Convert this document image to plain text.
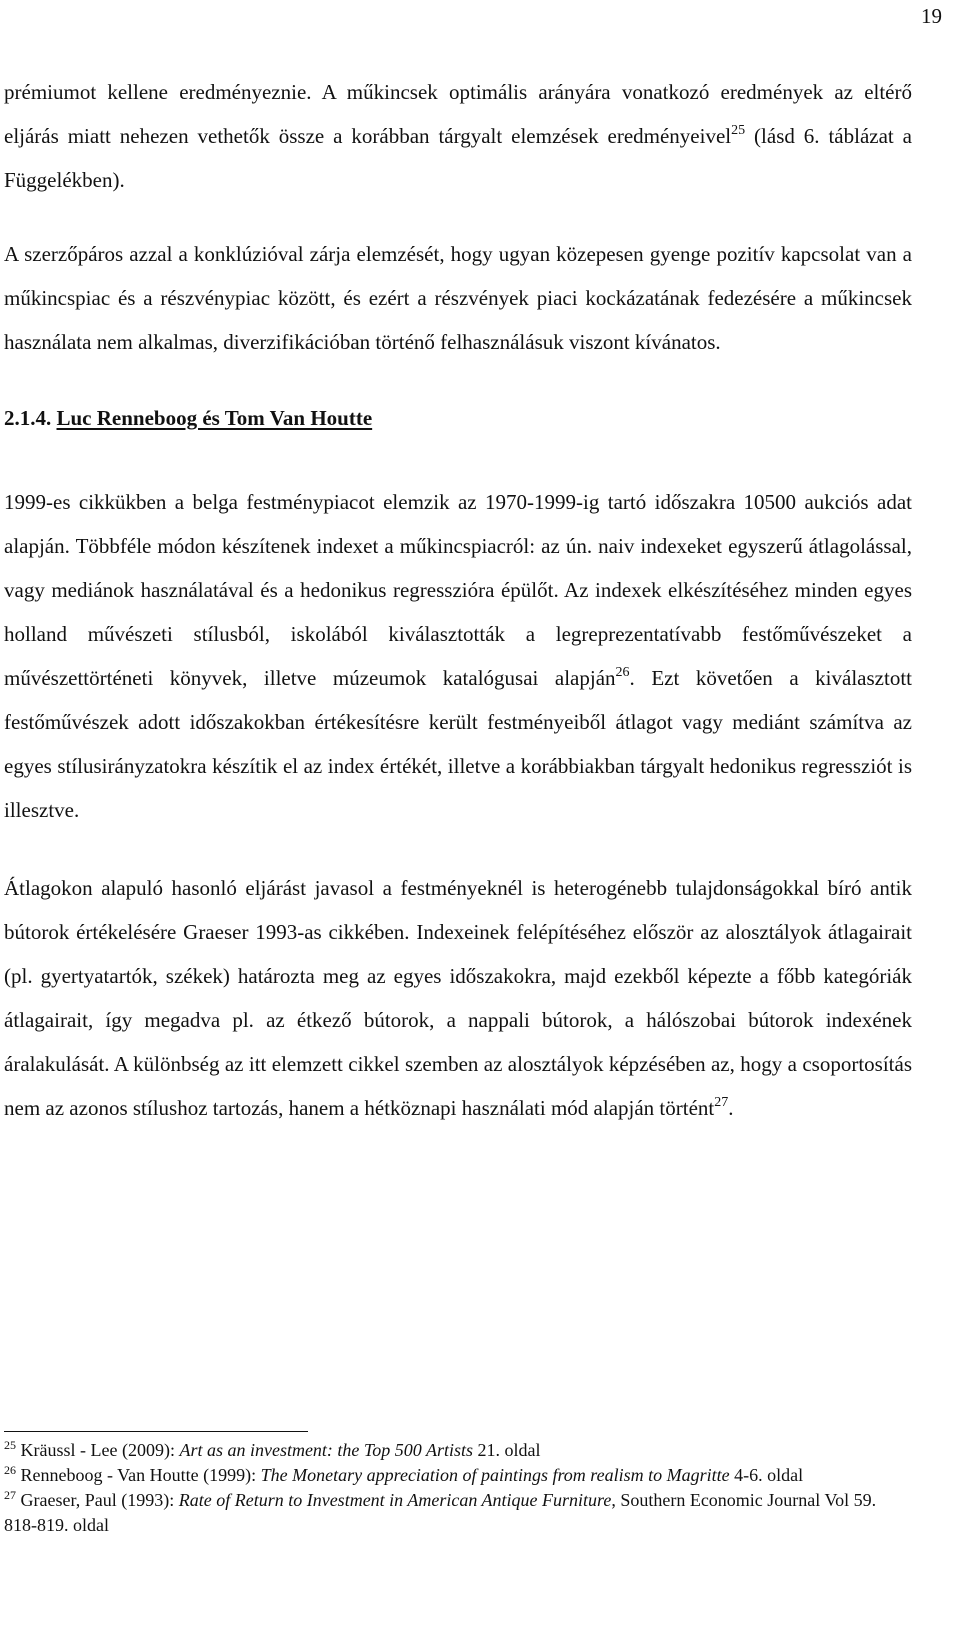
19

prémiumot kellene eredményeznie. A műkincsek optimális arányára vonatkozó eredmények az eltérő eljárás miatt nehezen vethetők össze a korábban tárgyalt elemzések eredményeivel$^{25}$ (lásd 6. táblázat a Függelékben).

A szerzőpáros azzal a konklúzióval zárja elemzését, hogy ugyan közepesen gyenge pozitív kapcsolat van a műkincspiac és a részvénypiac között, és ezért a részvények piaci kockázatának fedezésére a műkincsek használata nem alkalmas, diverzifikációban történő felhasználásuk viszont kívánatos.

2.1.4. Luc Renneboog és Tom Van Houtte

1999-es cikkükben a belga festménypiacot elemzik az 1970-1999-ig tartó időszakra 10500 aukciós adat alapján. Többféle módon készítenek indexet a műkincspiacról: az ún. naiv indexeket egyszerű átlagolással, vagy mediánok használatával és a hedonikus regresszióra épülőt. Az indexek elkészítéséhez minden egyes holland művészeti stílusból, iskolából kiválasztották a legreprezentatívabb festőművészeket a művészettörténeti könyvek, illetve múzeumok katalógusai alapján$^{26}$. Ezt követően a kiválasztott festőművészek adott időszakokban értékesítésre került festményeiből átlagot vagy mediánt számítva az egyes stílusirányzatokra készítik el az index értékét, illetve a korábbiakban tárgyalt hedonikus regressziót is illesztve.

Átlagokon alapuló hasonló eljárást javasol a festményeknél is heterogénebb tulajdonságokkal bíró antik bútorok értékelésére Graeser 1993-as cikkében. Indexeinek felépítéséhez először az alosztályok átlagairait (pl. gyertyatartók, székek) határozta meg az egyes időszakokra, majd ezekből képezte a főbb kategóriák átlagairait, így megadva pl. az étkező bútorok, a nappali bútorok, a hálószobai bútorok indexének áralakulását. A különbség az itt elemzett cikkel szemben az alosztályok képzésében az, hogy a csoportosítás nem az azonos stílushoz tartozás, hanem a hétköznapi használati mód alapján történt$^{27}$.

$^{25}$ Kräussl - Lee (2009): Art as an investment: the Top 500 Artists 21. oldal

$^{26}$ Renneboog - Van Houtte (1999): The Monetary appreciation of paintings from realism to Magritte 4-6. oldal

$^{27}$ Graeser, Paul (1993): Rate of Return to Investment in American Antique Furniture, Southern Economic Journal Vol 59. 818-819. oldal
